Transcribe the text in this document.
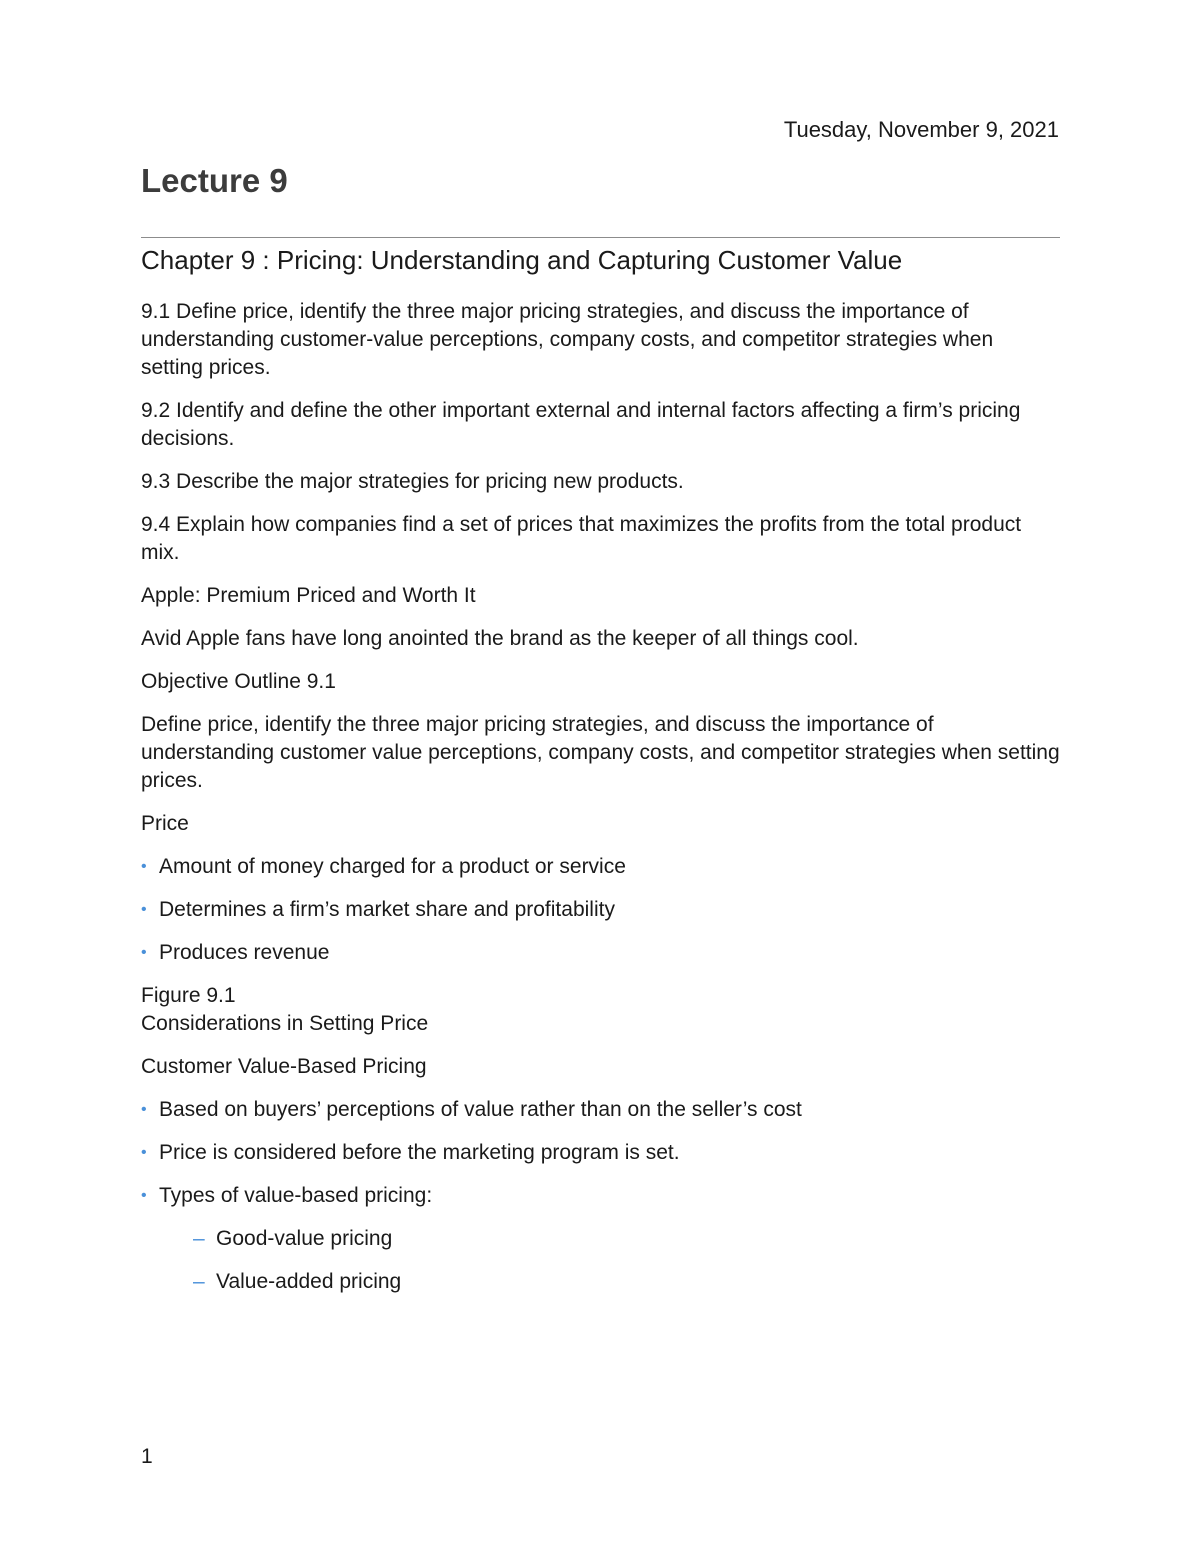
Tuesday, November 9, 2021
Lecture 9
Chapter 9 : Pricing: Understanding and Capturing Customer Value

9.1 Define price, identify the three major pricing strategies, and discuss the importance of understanding customer-value perceptions, company costs, and competitor strategies when setting prices.

9.2 Identify and define the other important external and internal factors affecting a firm’s pricing decisions.

9.3 Describe the major strategies for pricing new products.

9.4 Explain how companies find a set of prices that maximizes the profits from the total product mix.

Apple: Premium Priced and Worth It

Avid Apple fans have long anointed the brand as the keeper of all things cool.

Objective Outline 9.1

Define price, identify the three major pricing strategies, and discuss the importance of understanding customer value perceptions, company costs, and competitor strategies when setting prices.

Price

• Amount of money charged for a product or service
• Determines a firm’s market share and profitability
• Produces revenue
Figure 9.1
Considerations in Setting Price

Customer Value-Based Pricing

• Based on buyers’ perceptions of value rather than on the seller’s cost
• Price is considered before the marketing program is set.
• Types of value-based pricing:
– Good-value pricing
– Value-added pricing
1
